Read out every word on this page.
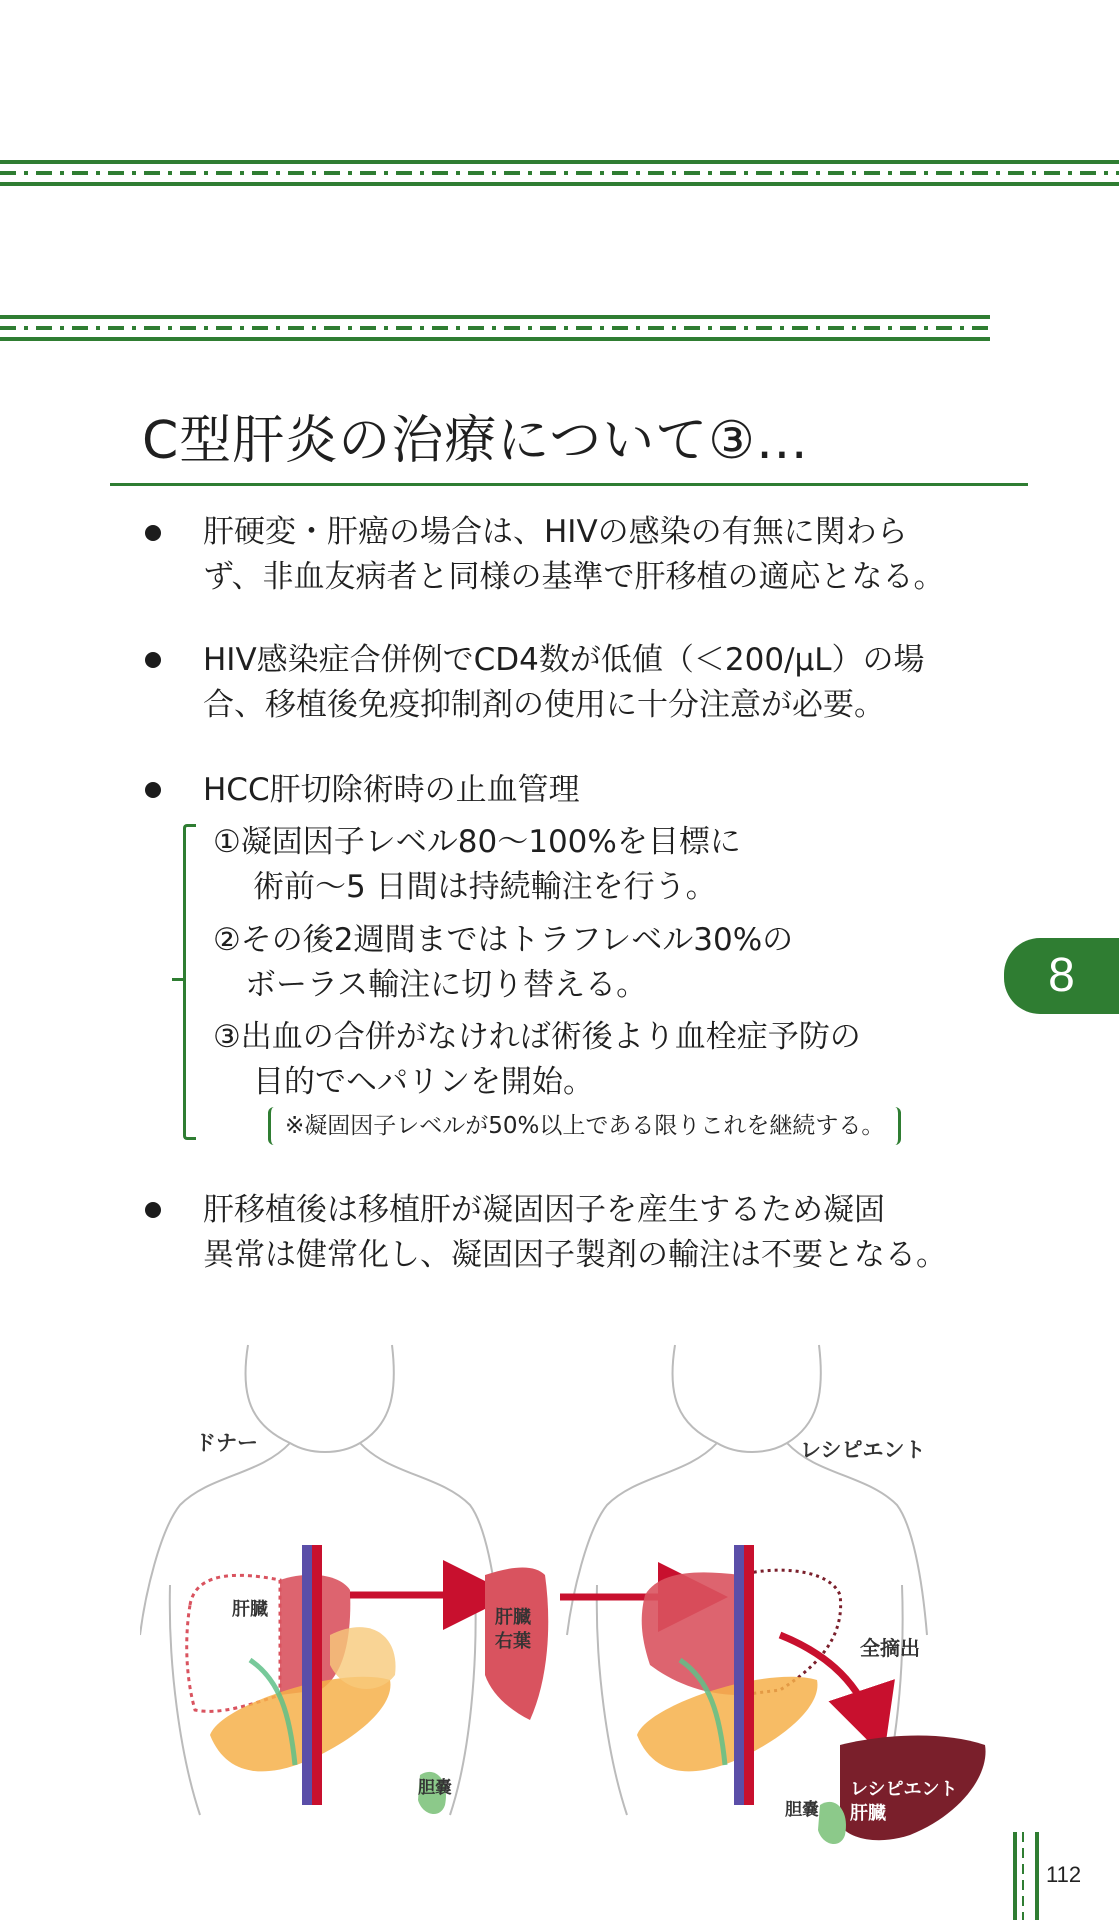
C型肝炎の治療について③…
肝硬変・肝癌の場合は、HIVの感染の有無に関わら
ず、非血友病者と同様の基準で肝移植の適応となる。
HIV感染症合併例でCD4数が低値（＜200/μL）の場
合、移植後免疫抑制剤の使用に十分注意が必要。
HCC肝切除術時の止血管理
①凝固因子レベル80～100%を目標に
術前～5 日間は持続輸注を行う。
②その後2週間まではトラフレベル30%の
ボーラス輸注に切り替える。
③出血の合併がなければ術後より血栓症予防の
目的でヘパリンを開始。
※凝固因子レベルが50%以上である限りこれを継続する。
肝移植後は移植肝が凝固因子を産生するため凝固
異常は健常化し、凝固因子製剤の輸注は不要となる。
8
ドナー	レシピエント
肝臓	肝臓
右葉	全摘出
レシピエント
肝臓
胆嚢
胆嚢
112
